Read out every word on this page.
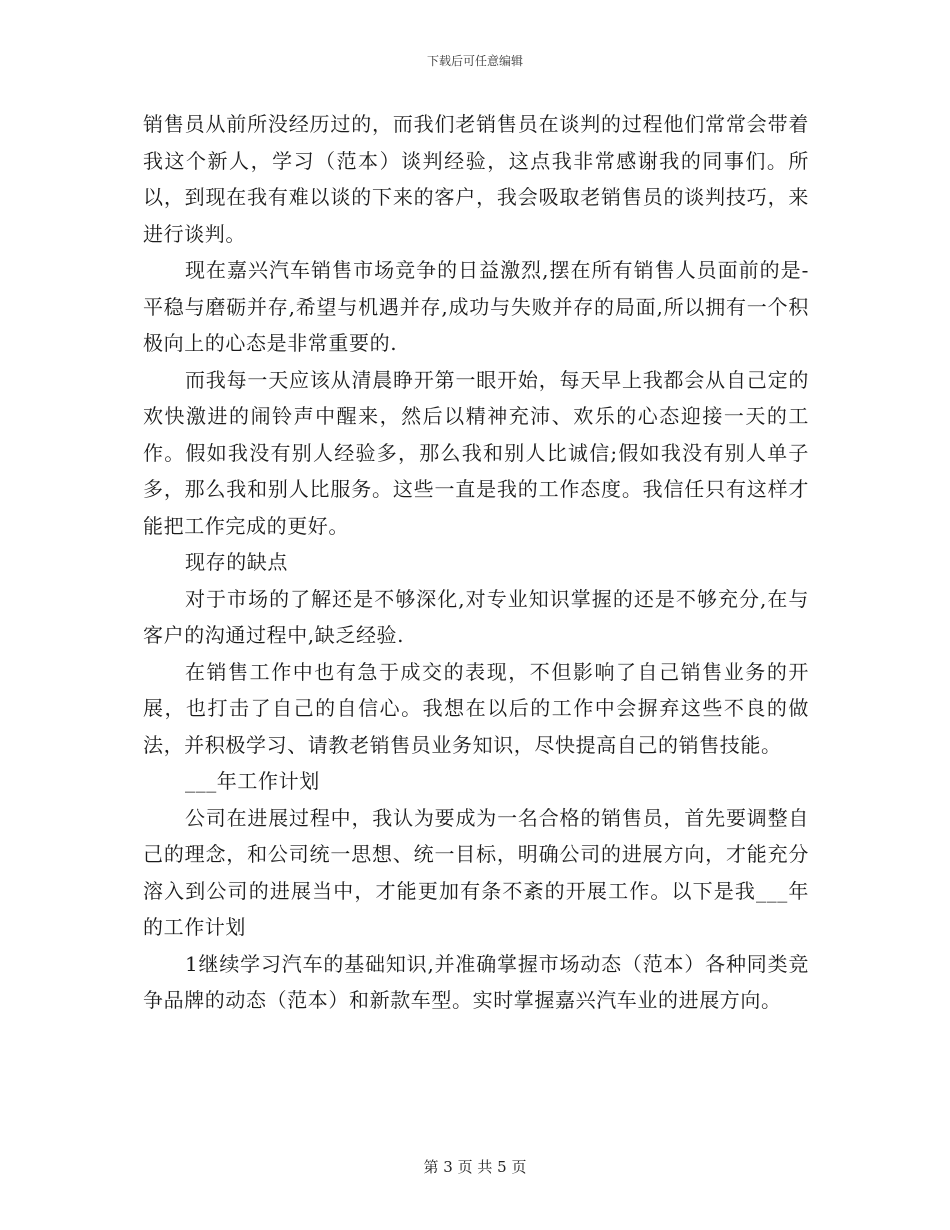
下载后可任意编辑

销售员从前所没经历过的，而我们老销售员在谈判的过程他们常常会带着我这个新人，学习（范本）谈判经验，这点我非常感谢我的同事们。所以，到现在我有难以谈的下来的客户，我会吸取老销售员的谈判技巧，来进行谈判。

现在嘉兴汽车销售市场竞争的日益激烈,摆在所有销售人员面前的是-平稳与磨砺并存,希望与机遇并存,成功与失败并存的局面,所以拥有一个积极向上的心态是非常重要的.

而我每一天应该从清晨睁开第一眼开始，每天早上我都会从自己定的欢快激进的闹铃声中醒来，然后以精神充沛、欢乐的心态迎接一天的工作。假如我没有别人经验多，那么我和别人比诚信;假如我没有别人单子多，那么我和别人比服务。这些一直是我的工作态度。我信任只有这样才能把工作完成的更好。

现存的缺点

对于市场的了解还是不够深化,对专业知识掌握的还是不够充分,在与客户的沟通过程中,缺乏经验.

在销售工作中也有急于成交的表现，不但影响了自己销售业务的开展，也打击了自己的自信心。我想在以后的工作中会摒弃这些不良的做法，并积极学习、请教老销售员业务知识，尽快提高自己的销售技能。

___年工作计划

公司在进展过程中，我认为要成为一名合格的销售员，首先要调整自己的理念，和公司统一思想、统一目标，明确公司的进展方向，才能充分溶入到公司的进展当中，才能更加有条不紊的开展工作。以下是我___年的工作计划

1继续学习汽车的基础知识,并准确掌握市场动态（范本）各种同类竞争品牌的动态（范本）和新款车型。实时掌握嘉兴汽车业的进展方向。

第 3 页 共 5 页
